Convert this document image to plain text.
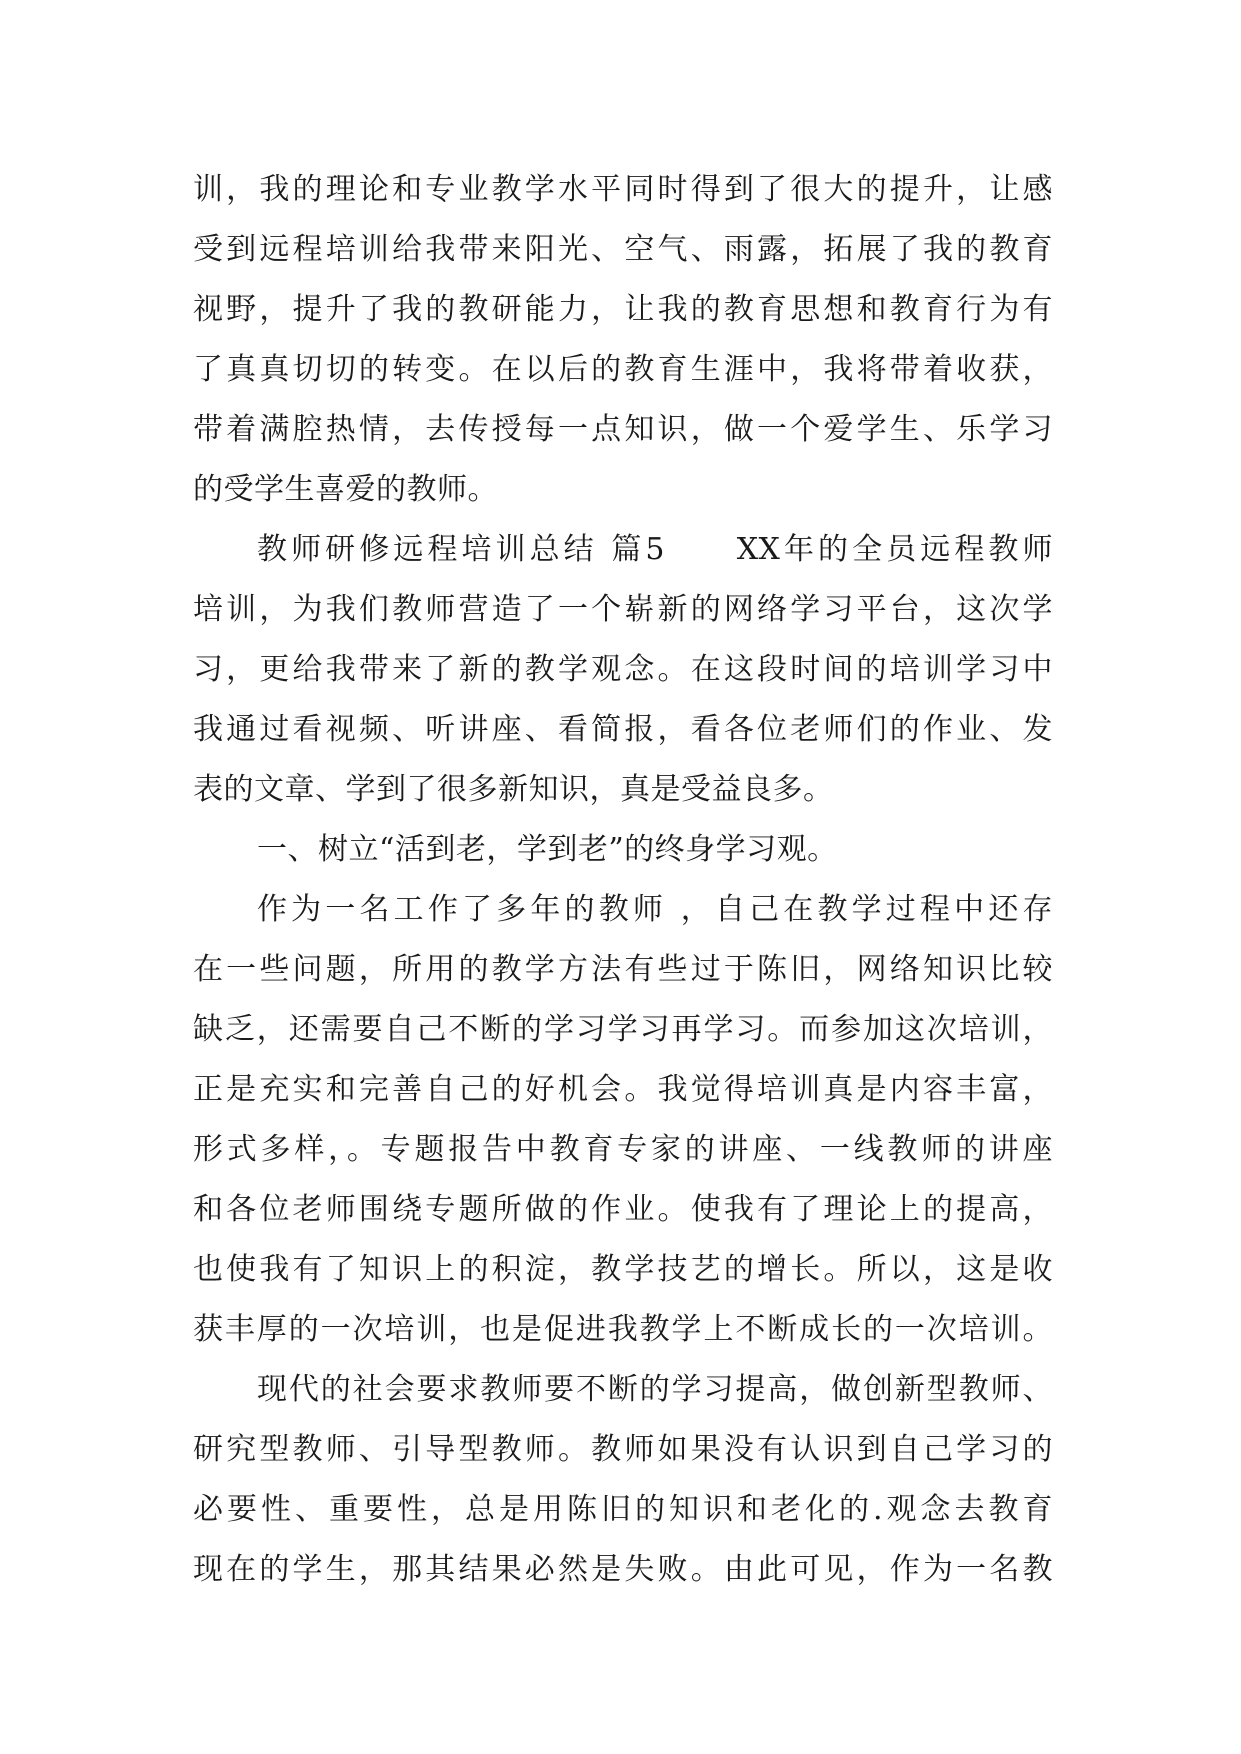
训，我的理论和专业教学水平同时得到了很大的提升，让感
受到远程培训给我带来阳光、空气、雨露，拓展了我的教育
视野，提升了我的教研能力，让我的教育思想和教育行为有
了真真切切的转变。在以后的教育生涯中，我将带着收获，
带着满腔热情，去传授每一点知识，做一个爱学生、乐学习
的受学生喜爱的教师。
教师研修远程培训总结 篇5　　XX年的全员远程教师
培训，为我们教师营造了一个崭新的网络学习平台，这次学
习，更给我带来了新的教学观念。在这段时间的培训学习中
我通过看视频、听讲座、看简报，看各位老师们的作业、发
表的文章、学到了很多新知识，真是受益良多。
一、树立“活到老，学到老”的终身学习观。
作为一名工作了多年的教师 ，自己在教学过程中还存
在一些问题，所用的教学方法有些过于陈旧，网络知识比较
缺乏，还需要自己不断的学习学习再学习。而参加这次培训，
正是充实和完善自己的好机会。我觉得培训真是内容丰富，
形式多样，。专题报告中教育专家的讲座、一线教师的讲座
和各位老师围绕专题所做的作业。使我有了理论上的提高，
也使我有了知识上的积淀，教学技艺的增长。所以，这是收
获丰厚的一次培训，也是促进我教学上不断成长的一次培训。
现代的社会要求教师要不断的学习提高，做创新型教师、
研究型教师、引导型教师。教师如果没有认识到自己学习的
必要性、重要性，总是用陈旧的知识和老化的.观念去教育
现在的学生，那其结果必然是失败。由此可见，作为一名教
